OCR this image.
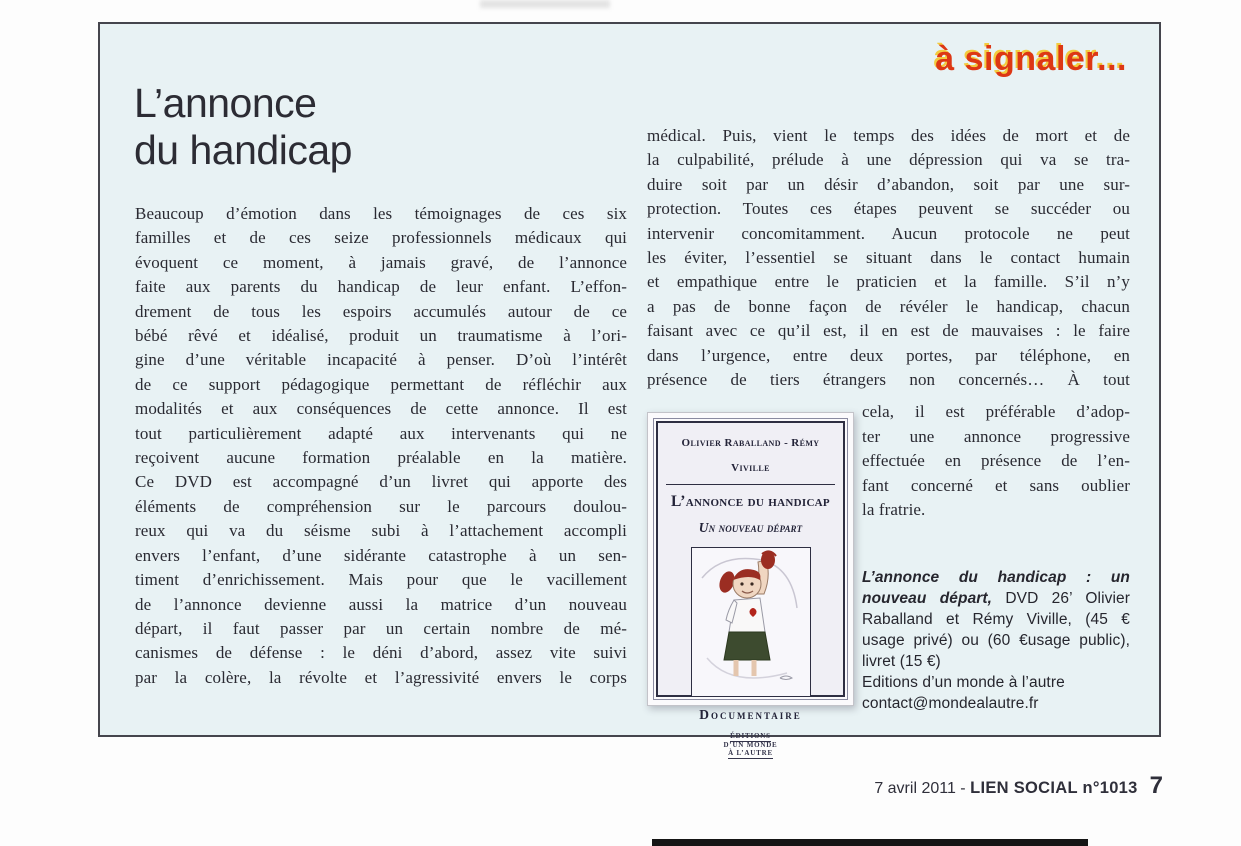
à signaler...
L’annonce
du handicap
Beaucoup d’émotion dans les témoignages de ces six
familles et de ces seize professionnels médicaux qui
évoquent ce moment, à jamais gravé, de l’annonce
faite aux parents du handicap de leur enfant. L’effon-
drement de tous les espoirs accumulés autour de ce
bébé rêvé et idéalisé, produit un traumatisme à l’ori-
gine d’une véritable incapacité à penser. D’où l’intérêt
de ce support pédagogique permettant de réfléchir aux
modalités et aux conséquences de cette annonce. Il est
tout particulièrement adapté aux intervenants qui ne
reçoivent aucune formation préalable en la matière.
Ce DVD est accompagné d’un livret qui apporte des
éléments de compréhension sur le parcours doulou-
reux qui va du séisme subi à l’attachement accompli
envers l’enfant, d’une sidérante catastrophe à un sen-
timent d’enrichissement. Mais pour que le vacillement
de l’annonce devienne aussi la matrice d’un nouveau
départ, il faut passer par un certain nombre de mé-
canismes de défense : le déni d’abord, assez vite suivi
par la colère, la révolte et l’agressivité envers le corps
médical. Puis, vient le temps des idées de mort et de
la culpabilité, prélude à une dépression qui va se tra-
duire soit par un désir d’abandon, soit par une sur-
protection. Toutes ces étapes peuvent se succéder ou
intervenir concomitamment. Aucun protocole ne peut
les éviter, l’essentiel se situant dans le contact humain
et empathique entre le praticien et la famille. S’il n’y
a pas de bonne façon de révéler le handicap, chacun
faisant avec ce qu’il est, il en est de mauvaises : le faire
dans l’urgence, entre deux portes, par téléphone, en
présence de tiers étrangers non concernés… À tout
Olivier Raballand - Rémy Viville
L’annonce du handicap
Un nouveau départ
Documentaire
ÉDITIONS
D’UN MONDE
À L’AUTRE
cela, il est préférable d’adop-
ter une annonce progressive
effectuée en présence de l’en-
fant concerné et sans oublier
la fratrie.

L’annonce du handicap : un nouveau départ, DVD 26’ Olivier Raballand et Rémy Viville, (45 € usage privé) ou (60 €usage public), livret (15 €)

Editions d’un monde à l’autre
contact@mondealautre.fr
7 avril 2011 - LIEN SOCIAL n°1013 7
